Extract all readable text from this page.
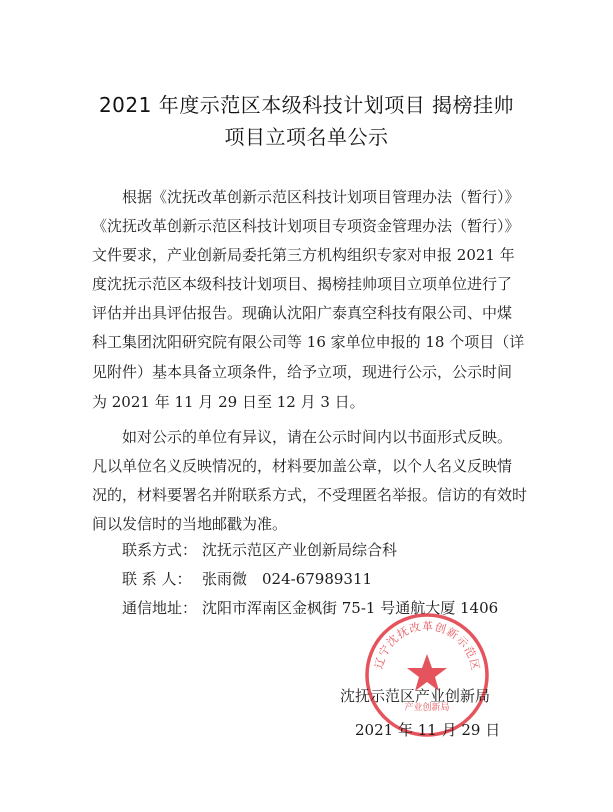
2021 年度示范区本级科技计划项目 揭榜挂帅
项目立项名单公示
根据《沈抚改革创新示范区科技计划项目管理办法（暂行）》
《沈抚改革创新示范区科技计划项目专项资金管理办法（暂行）》
文件要求，产业创新局委托第三方机构组织专家对申报 2021 年
度沈抚示范区本级科技计划项目、揭榜挂帅项目立项单位进行了
评估并出具评估报告。现确认沈阳广泰真空科技有限公司、中煤
科工集团沈阳研究院有限公司等 16 家单位申报的 18 个项目（详
见附件）基本具备立项条件，给予立项，现进行公示，公示时间
为 2021 年 11 月 29 日至 12 月 3 日。
如对公示的单位有异议，请在公示时间内以书面形式反映。
凡以单位名义反映情况的，材料要加盖公章，以个人名义反映情
况的，材料要署名并附联系方式，不受理匿名举报。信访的有效时
间以发信时的当地邮戳为准。
联系方式： 沈抚示范区产业创新局综合科
联 系 人： 张雨微　024-67989311
通信地址： 沈阳市浑南区金枫街 75-1 号通航大厦 1406
辽宁沈抚改革创新示范区
产业创新局
沈抚示范区产业创新局
2021 年 11 月 29 日
